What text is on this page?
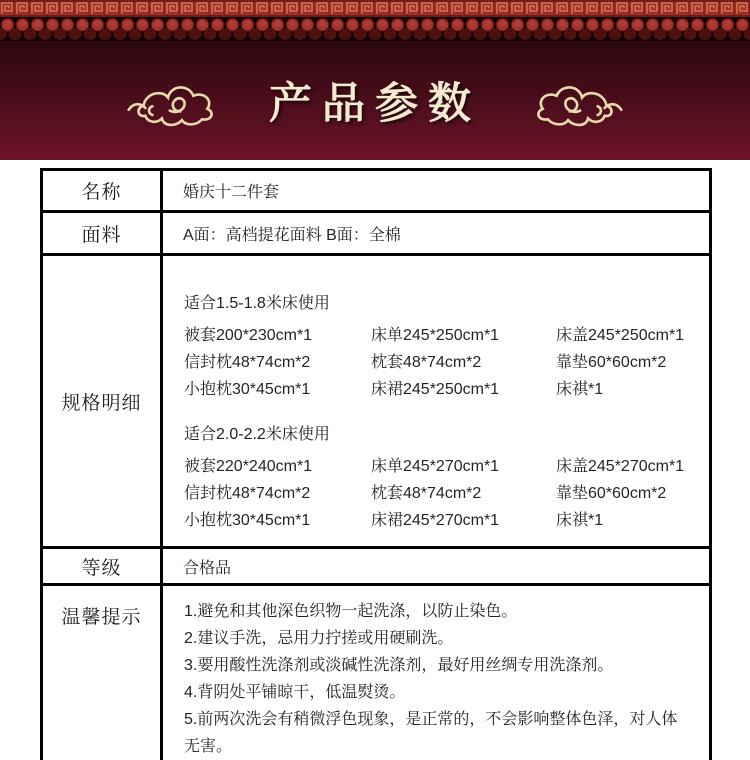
产品参数
名称	婚庆十二件套
面料	A面：高档提花面料 B面：全棉
规格明细

适合1.5-1.8米床使用

被套200*230cm*1	床单245*250cm*1	床盖245*250cm*1
信封枕48*74cm*2	枕套48*74cm*2	靠垫60*60cm*2
小抱枕30*45cm*1	床裙245*250cm*1	床祺*1

适合2.0-2.2米床使用

被套220*240cm*1	床单245*270cm*1	床盖245*270cm*1
信封枕48*74cm*2	枕套48*74cm*2	靠垫60*60cm*2
小抱枕30*45cm*1	床裙245*270cm*1	床祺*1
等级	合格品
温馨提示	1.避免和其他深色织物一起洗涤，以防止染色。
2.建议手洗，忌用力拧搓或用硬刷洗。
3.要用酸性洗涤剂或淡碱性洗涤剂，最好用丝绸专用洗涤剂。
4.背阴处平铺晾干，低温熨烫。
5.前两次洗会有稍微浮色现象，是正常的，不会影响整体色泽，对人体无害。
